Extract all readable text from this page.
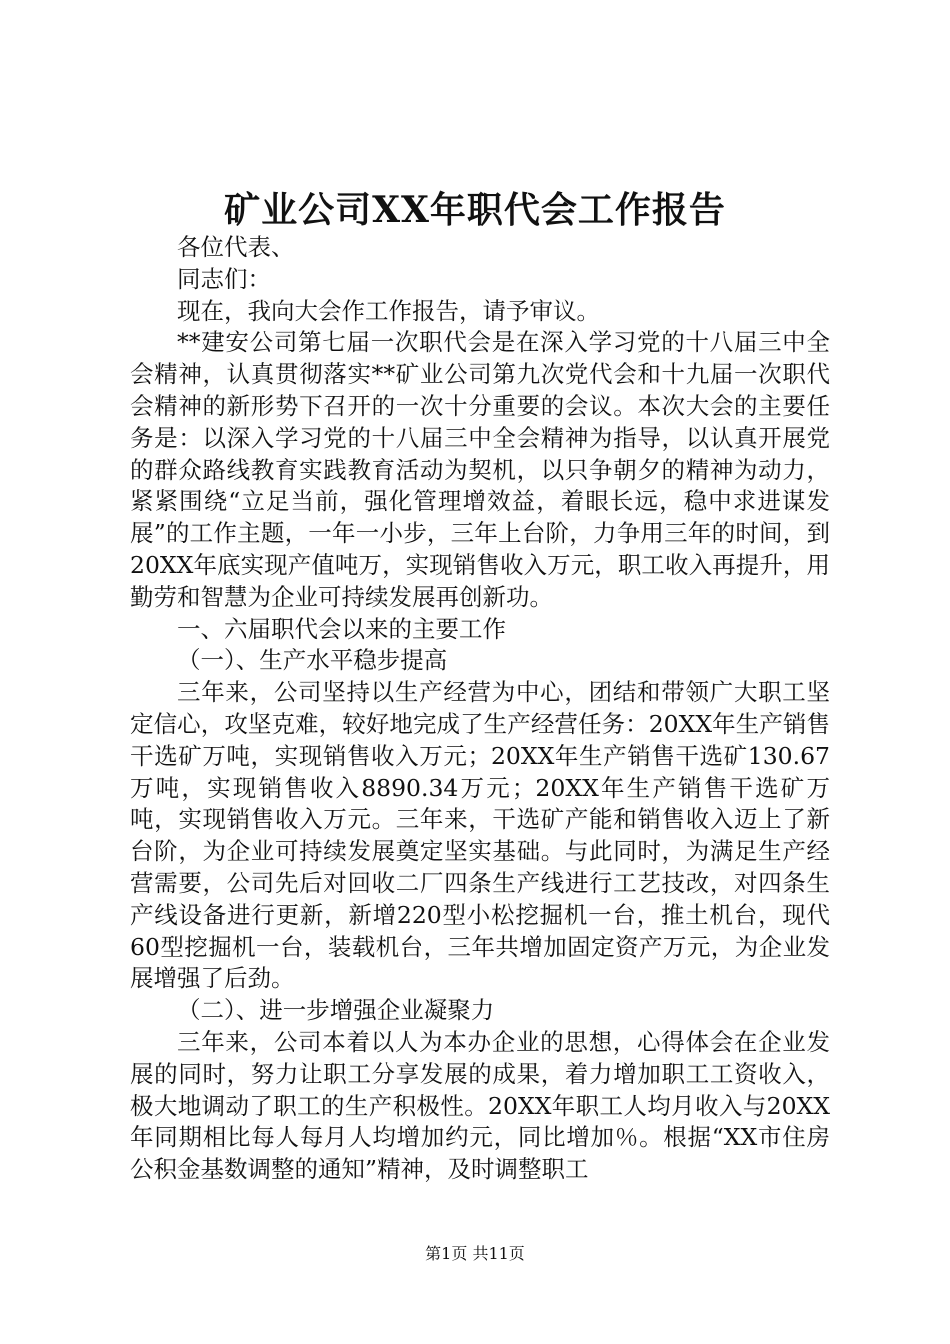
矿业公司XX年职代会工作报告

各位代表、

同志们：

现在，我向大会作工作报告，请予审议。

**建安公司第七届一次职代会是在深入学习党的十八届三中全会精神，认真贯彻落实**矿业公司第九次党代会和十九届一次职代会精神的新形势下召开的一次十分重要的会议。本次大会的主要任务是：以深入学习党的十八届三中全会精神为指导，以认真开展党的群众路线教育实践教育活动为契机，以只争朝夕的精神为动力，紧紧围绕“立足当前，强化管理增效益，着眼长远，稳中求进谋发展”的工作主题，一年一小步，三年上台阶，力争用三年的时间，到20XX年底实现产值吨万，实现销售收入万元，职工收入再提升，用勤劳和智慧为企业可持续发展再创新功。

一、六届职代会以来的主要工作

（一）、生产水平稳步提高

三年来，公司坚持以生产经营为中心，团结和带领广大职工坚定信心，攻坚克难，较好地完成了生产经营任务：20XX年生产销售干选矿万吨，实现销售收入万元；20XX年生产销售干选矿130.67万吨，实现销售收入8890.34万元；20XX年生产销售干选矿万吨，实现销售收入万元。三年来，干选矿产能和销售收入迈上了新台阶，为企业可持续发展奠定坚实基础。与此同时，为满足生产经营需要，公司先后对回收二厂四条生产线进行工艺技改，对四条生产线设备进行更新，新增220型小松挖掘机一台，推土机台，现代60型挖掘机一台，装载机台，三年共增加固定资产万元，为企业发展增强了后劲。

（二）、进一步增强企业凝聚力

三年来，公司本着以人为本办企业的思想，心得体会在企业发展的同时，努力让职工分享发展的成果，着力增加职工工资收入，极大地调动了职工的生产积极性。20XX年职工人均月收入与20XX年同期相比每人每月人均增加约元，同比增加％。根据“XX市住房公积金基数调整的通知”精神，及时调整职工

第1页 共11页
